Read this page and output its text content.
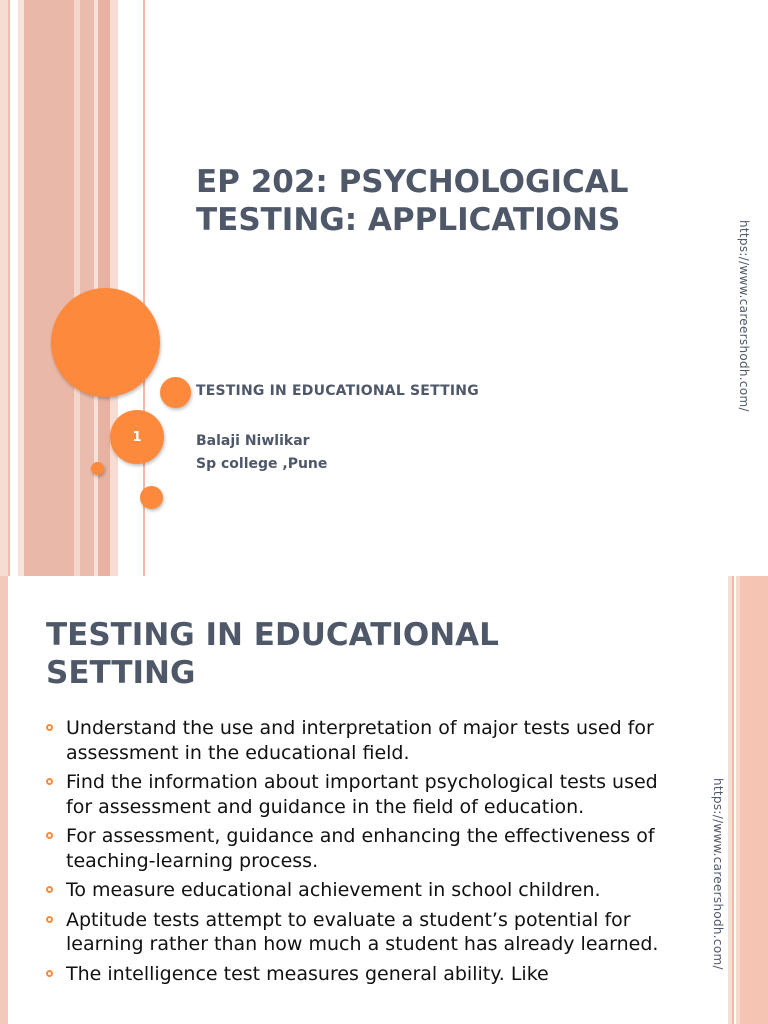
1
EP 202: PSYCHOLOGICAL
TESTING: APPLICATIONS

TESTING IN EDUCATIONAL SETTING

Balaji Niwlikar
Sp college ,Pune

https://www.careershodh.com/

TESTING IN EDUCATIONAL
SETTING
Understand the use and interpretation of major tests used for assessment in the educational field.
Find the information about important psychological tests used for assessment and guidance in the field of education.
For assessment, guidance and enhancing the effectiveness of teaching-learning process.
To measure educational achievement in school children.
Aptitude tests attempt to evaluate a student’s potential for learning rather than how much a student has already learned.
The intelligence test measures general ability. Like

https://www.careershodh.com/
